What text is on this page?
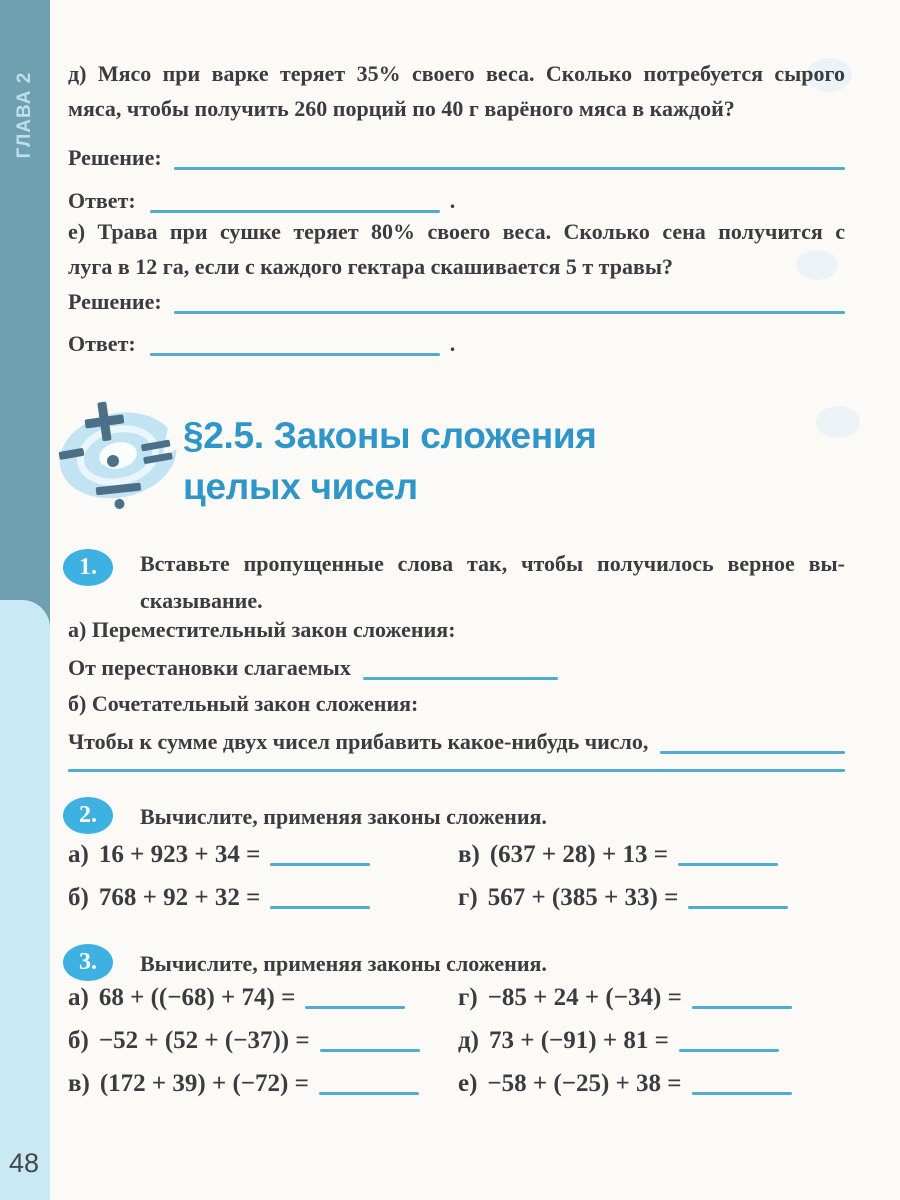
ГЛАВА 2
48
д) Мясо при варке теряет 35% своего веса. Сколько потребуется сырого
мяса, чтобы получить 260 порций по 40 г варёного мяса в каждой?
Решение:
Ответ:	.
е) Трава при сушке теряет 80% своего веса. Сколько сена получится с
луга в 12 га, если с каждого гектара скашивается 5 т травы?
Решение:
Ответ:	.
§2.5. Законы сложения
целых чисел
1. Вставьте пропущенные слова так, чтобы получилось верное вы-
сказывание.
а) Переместительный закон сложения:
От перестановки слагаемых
б) Сочетательный закон сложения:
Чтобы к сумме двух чисел прибавить какое-нибудь число,
2. Вычислите, применяя законы сложения.
а) 16 + 923 + 34 =
б) 768 + 92 + 32 =
в) (637 + 28) + 13 =
г) 567 + (385 + 33) =
3. Вычислите, применяя законы сложения.
а) 68 + ((−68) + 74) =
б) −52 + (52 + (−37)) =
в) (172 + 39) + (−72) =
г) −85 + 24 + (−34) =
д) 73 + (−91) + 81 =
е) −58 + (−25) + 38 =
